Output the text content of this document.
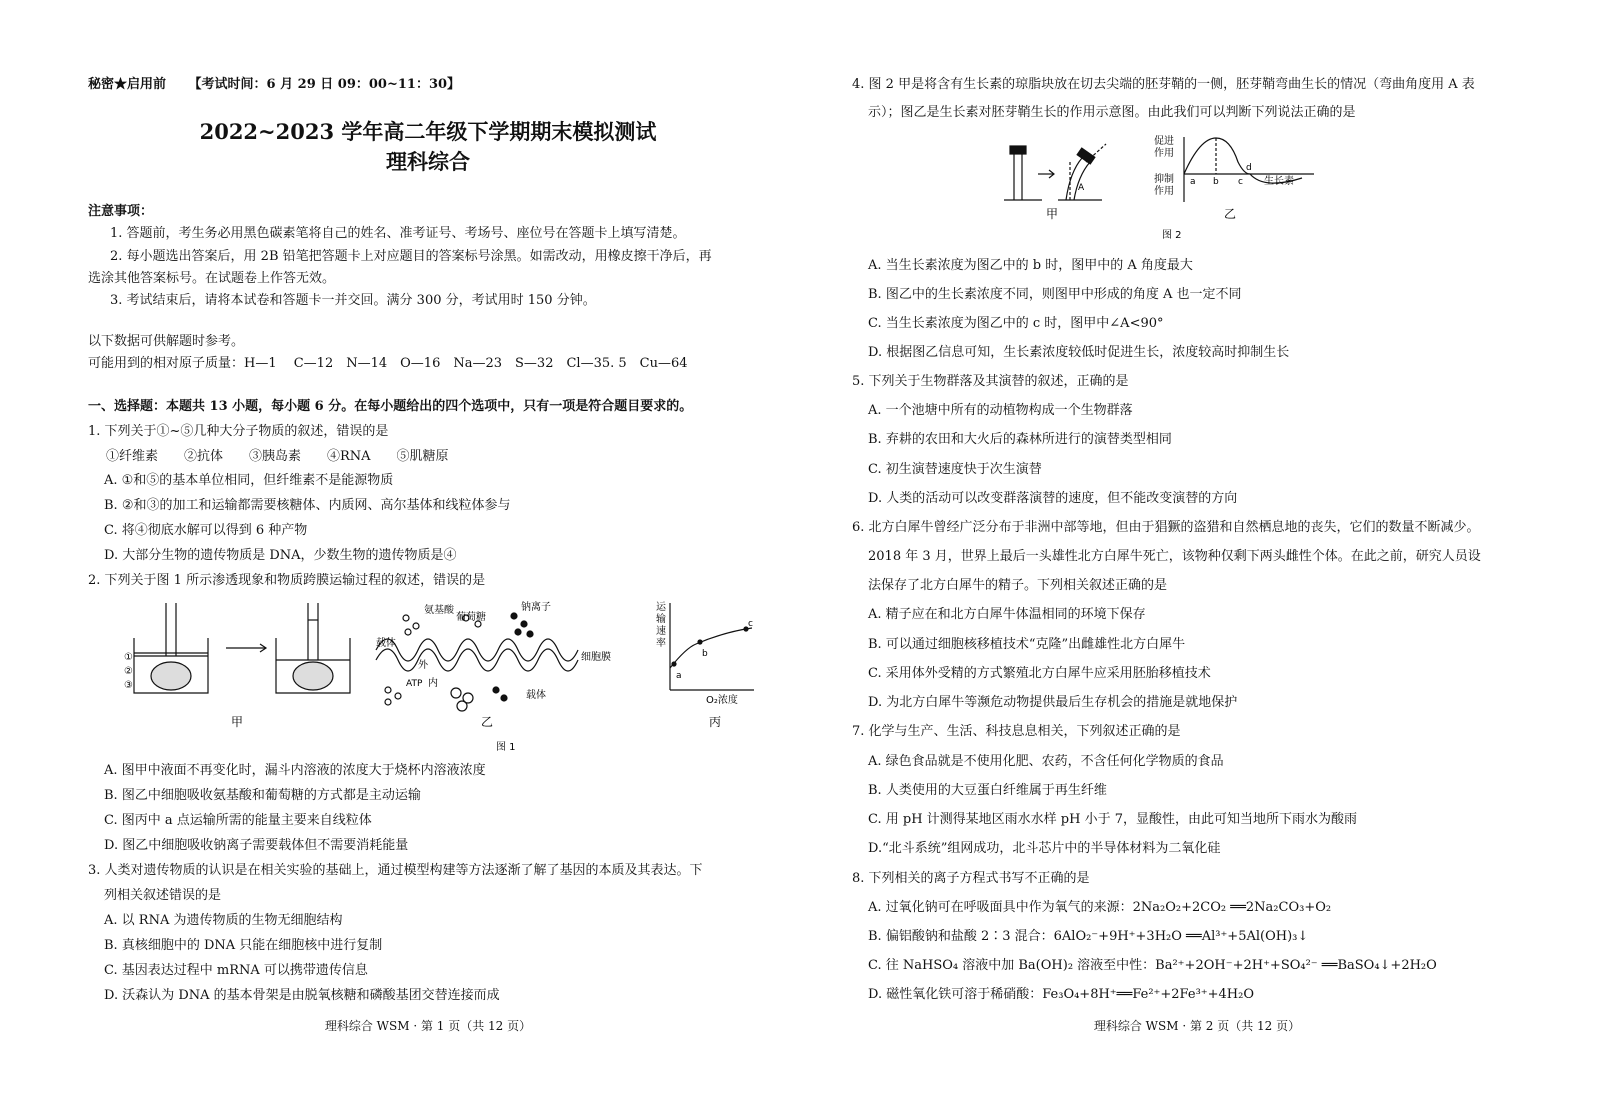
秘密★启用前 【考试时间：6 月 29 日 09：00~11：30】
2022~2023 学年高二年级下学期期末模拟测试
理科综合
注意事项：
1. 答题前，考生务必用黑色碳素笔将自己的姓名、准考证号、考场号、座位号在答题卡上填写清楚。
2. 每小题选出答案后，用 2B 铅笔把答题卡上对应题目的答案标号涂黑。如需改动，用橡皮擦干净后，再
选涂其他答案标号。在试题卷上作答无效。
3. 考试结束后，请将本试卷和答题卡一并交回。满分 300 分，考试用时 150 分钟。
以下数据可供解题时参考。
可能用到的相对原子质量：H—1　 C—12　N—14　O—16　Na—23　S—32　Cl—35. 5　Cu—64
一、选择题：本题共 13 小题，每小题 6 分。在每小题给出的四个选项中，只有一项是符合题目要求的。
1. 下列关于①~⑤几种大分子物质的叙述，错误的是
①纤维素　　②抗体　　③胰岛素　　④RNA　　⑤肌糖原
A. ①和⑤的基本单位相同，但纤维素不是能源物质
B. ②和③的加工和运输都需要核糖体、内质网、高尔基体和线粒体参与
C. 将④彻底水解可以得到 6 种产物
D. 大部分生物的遗传物质是 DNA，少数生物的遗传物质是④
2. 下列关于图 1 所示渗透现象和物质跨膜运输过程的叙述，错误的是
①
②
③
甲
氨基酸
葡萄糖
钠离子
载体
细胞膜
ATP 内
外
载体
乙
运
输
速
率
a
b
c
O₂浓度
丙
图 1
A. 图甲中液面不再变化时，漏斗内溶液的浓度大于烧杯内溶液浓度
B. 图乙中细胞吸收氨基酸和葡萄糖的方式都是主动运输
C. 图丙中 a 点运输所需的能量主要来自线粒体
D. 图乙中细胞吸收钠离子需要载体但不需要消耗能量
3. 人类对遗传物质的认识是在相关实验的基础上，通过模型构建等方法逐渐了解了基因的本质及其表达。下
列相关叙述错误的是
A. 以 RNA 为遗传物质的生物无细胞结构
B. 真核细胞中的 DNA 只能在细胞核中进行复制
C. 基因表达过程中 mRNA 可以携带遗传信息
D. 沃森认为 DNA 的基本骨架是由脱氧核糖和磷酸基团交替连接而成
理科综合 WSM · 第 1 页（共 12 页）
4. 图 2 甲是将含有生长素的琼脂块放在切去尖端的胚芽鞘的一侧，胚芽鞘弯曲生长的情况（弯曲角度用 A 表
示）；图乙是生长素对胚芽鞘生长的作用示意图。由此我们可以判断下列说法正确的是
A
甲
促进
作用
抑制
作用
a b c
d
生长素
乙
图 2
A. 当生长素浓度为图乙中的 b 时，图甲中的 A 角度最大
B. 图乙中的生长素浓度不同，则图甲中形成的角度 A 也一定不同
C. 当生长素浓度为图乙中的 c 时，图甲中∠A<90°
D. 根据图乙信息可知，生长素浓度较低时促进生长，浓度较高时抑制生长
5. 下列关于生物群落及其演替的叙述，正确的是
A. 一个池塘中所有的动植物构成一个生物群落
B. 弃耕的农田和大火后的森林所进行的演替类型相同
C. 初生演替速度快于次生演替
D. 人类的活动可以改变群落演替的速度，但不能改变演替的方向
6. 北方白犀牛曾经广泛分布于非洲中部等地，但由于猖獗的盗猎和自然栖息地的丧失，它们的数量不断减少。
2018 年 3 月，世界上最后一头雄性北方白犀牛死亡，该物种仅剩下两头雌性个体。在此之前，研究人员设
法保存了北方白犀牛的精子。下列相关叙述正确的是
A. 精子应在和北方白犀牛体温相同的环境下保存
B. 可以通过细胞核移植技术“克隆”出雌雄性北方白犀牛
C. 采用体外受精的方式繁殖北方白犀牛应采用胚胎移植技术
D. 为北方白犀牛等濒危动物提供最后生存机会的措施是就地保护
7. 化学与生产、生活、科技息息相关，下列叙述正确的是
A. 绿色食品就是不使用化肥、农药，不含任何化学物质的食品
B. 人类使用的大豆蛋白纤维属于再生纤维
C. 用 pH 计测得某地区雨水水样 pH 小于 7，显酸性，由此可知当地所下雨水为酸雨
D.“北斗系统”组网成功，北斗芯片中的半导体材料为二氧化硅
8. 下列相关的离子方程式书写不正确的是
A. 过氧化钠可在呼吸面具中作为氧气的来源：2Na₂O₂+2CO₂ ══2Na₂CO₃+O₂
B. 偏铝酸钠和盐酸 2∶3 混合：6AlO₂⁻+9H⁺+3H₂O ══Al³⁺+5Al(OH)₃↓
C. 往 NaHSO₄ 溶液中加 Ba(OH)₂ 溶液至中性：Ba²⁺+2OH⁻+2H⁺+SO₄²⁻ ══BaSO₄↓+2H₂O
D. 磁性氧化铁可溶于稀硝酸：Fe₃O₄+8H⁺══Fe²⁺+2Fe³⁺+4H₂O
理科综合 WSM · 第 2 页（共 12 页）
